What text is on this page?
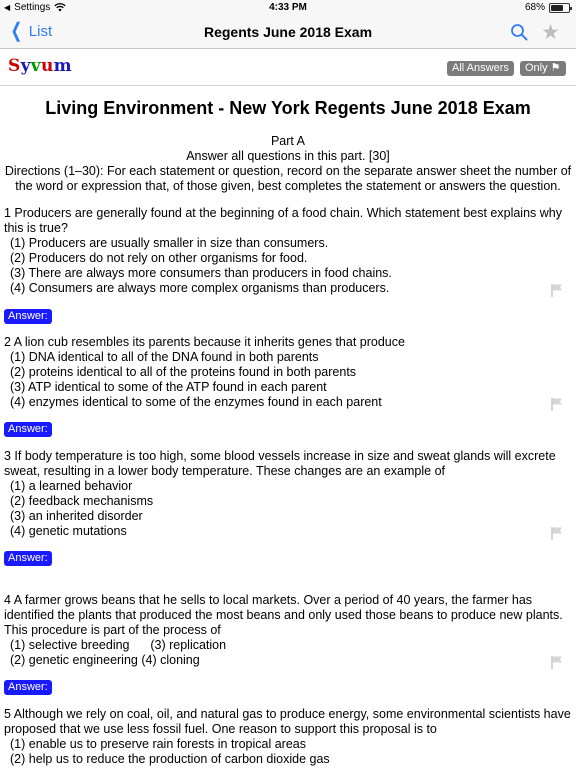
◀ Settings	4:33 PM	68%
❮ List	Regents June 2018 Exam	★
Syvum	All Answers	Only ⚑
Living Environment - New York Regents June 2018 Exam
Part A
Answer all questions in this part. [30]
Directions (1–30): For each statement or question, record on the separate answer sheet the number of the word or expression that, of those given, best completes the statement or answers the question.
1 Producers are generally found at the beginning of a food chain. Which statement best explains why this is true?
(1) Producers are usually smaller in size than consumers.
(2) Producers do not rely on other organisms for food.
(3) There are always more consumers than producers in food chains.
(4) Consumers are always more complex organisms than producers.
Answer:
2 A lion cub resembles its parents because it inherits genes that produce
(1) DNA identical to all of the DNA found in both parents
(2) proteins identical to all of the proteins found in both parents
(3) ATP identical to some of the ATP found in each parent
(4) enzymes identical to some of the enzymes found in each parent
Answer:
3 If body temperature is too high, some blood vessels increase in size and sweat glands will excrete sweat, resulting in a lower body temperature. These changes are an example of
(1) a learned behavior
(2) feedback mechanisms
(3) an inherited disorder
(4) genetic mutations
Answer:
4 A farmer grows beans that he sells to local markets. Over a period of 40 years, the farmer has identified the plants that produced the most beans and only used those beans to produce new plants. This procedure is part of the process of
(1) selective breeding      (3) replication
(2) genetic engineering (4) cloning
Answer:
5 Although we rely on coal, oil, and natural gas to produce energy, some environmental scientists have proposed that we use less fossil fuel. One reason to support this proposal is to
(1) enable us to preserve rain forests in tropical areas
(2) help us to reduce the production of carbon dioxide gas
